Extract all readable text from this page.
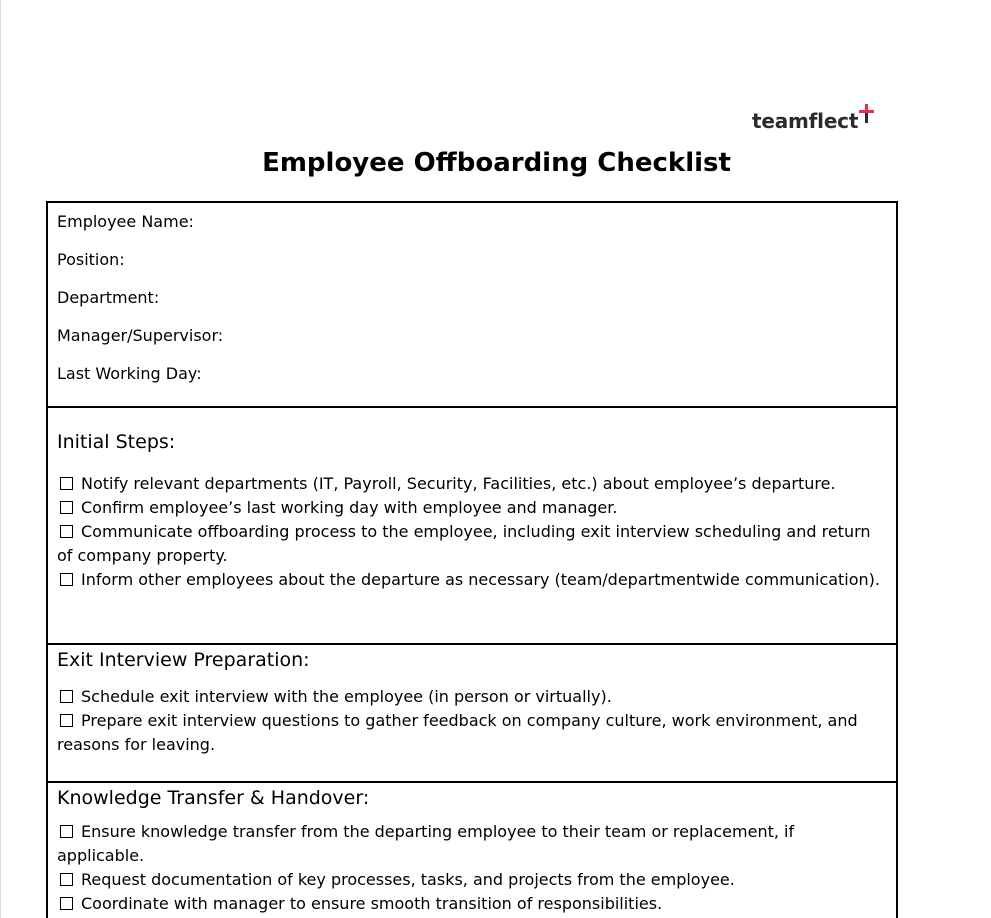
teamflect
Employee Offboarding Checklist
Employee Name:
Position:
Department:
Manager/Supervisor:
Last Working Day:
Initial Steps:
Notify relevant departments (IT, Payroll, Security, Facilities, etc.) about employee’s departure.
Confirm employee’s last working day with employee and manager.
Communicate offboarding process to the employee, including exit interview scheduling and return of company property.
Inform other employees about the departure as necessary (team/departmentwide communication).
Exit Interview Preparation:
Schedule exit interview with the employee (in person or virtually).
Prepare exit interview questions to gather feedback on company culture, work environment, and reasons for leaving.
Knowledge Transfer & Handover:
Ensure knowledge transfer from the departing employee to their team or replacement, if applicable.
Request documentation of key processes, tasks, and projects from the employee.
Coordinate with manager to ensure smooth transition of responsibilities.
